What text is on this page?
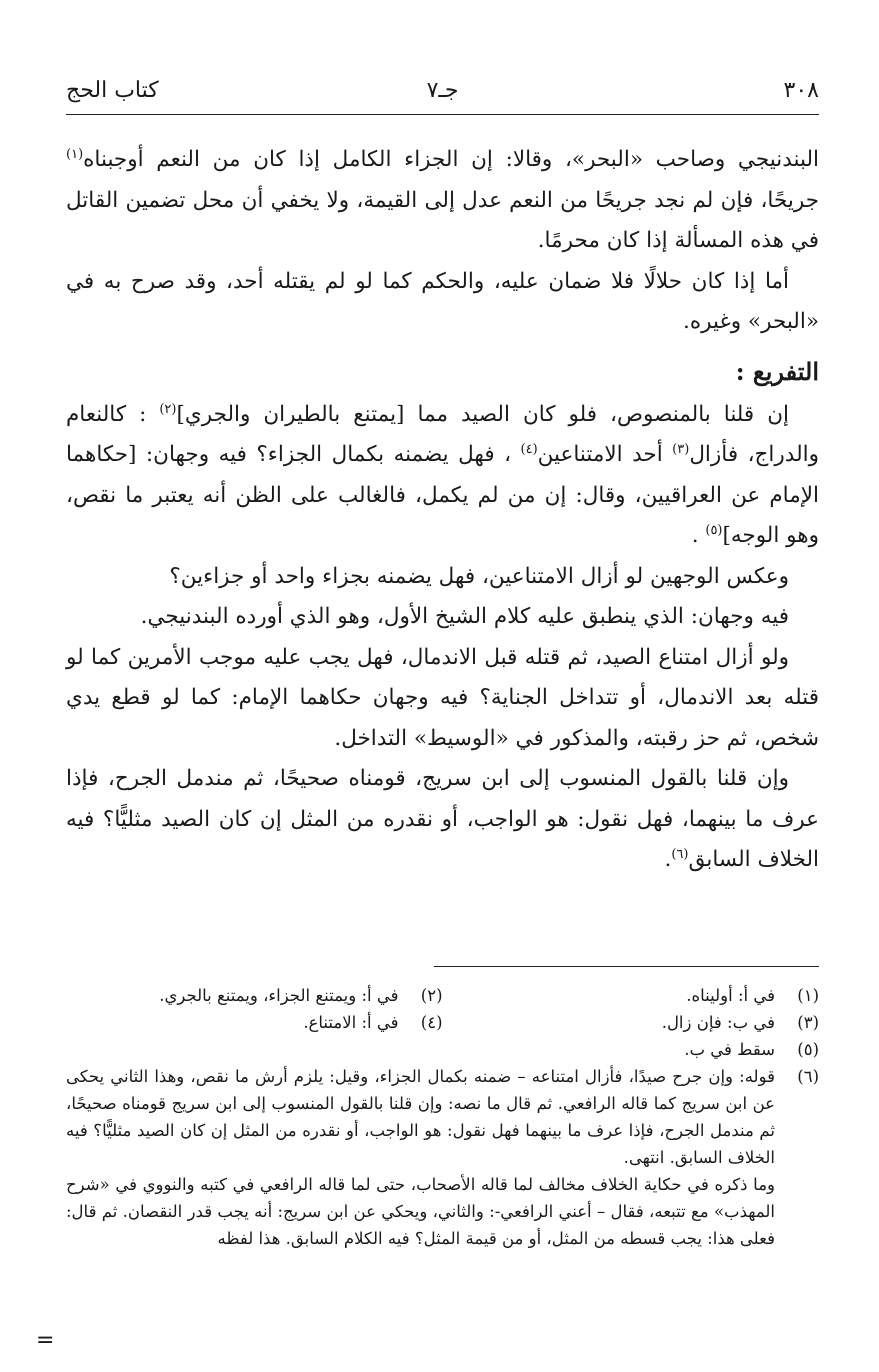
٣٠٨
جـ٧
كتاب الحج

البندنيجي وصاحب «البحر»، وقالا: إن الجزاء الكامل إذا كان من النعم أوجبناه$^{(١)}$ جريحًا، فإن لم نجد جريحًا من النعم عدل إلى القيمة، ولا يخفي أن محل تضمين القاتل في هذه المسألة إذا كان محرمًا.

أما إذا كان حلالًا فلا ضمان عليه، والحكم كما لو لم يقتله أحد، وقد صرح به في «البحر» وغيره.

التفريع :

إن قلنا بالمنصوص، فلو كان الصيد مما [يمتنع بالطيران والجري]$^{(٢)}$ : كالنعام والدراج، فأزال$^{(٣)}$ أحد الامتناعين$^{(٤)}$ ، فهل يضمنه بكمال الجزاء؟ فيه وجهان: [حكاهما الإمام عن العراقيين، وقال: إن من لم يكمل، فالغالب على الظن أنه يعتبر ما نقص، وهو الوجه]$^{(٥)}$ .

وعكس الوجهين لو أزال الامتناعين، فهل يضمنه بجزاء واحد أو جزاءين؟

فيه وجهان: الذي ينطبق عليه كلام الشيخ الأول، وهو الذي أورده البندنيجي.

ولو أزال امتناع الصيد، ثم قتله قبل الاندمال، فهل يجب عليه موجب الأمرين كما لو قتله بعد الاندمال، أو تتداخل الجناية؟ فيه وجهان حكاهما الإمام: كما لو قطع يدي شخص، ثم حز رقبته، والمذكور في «الوسيط» التداخل.

وإن قلنا بالقول المنسوب إلى ابن سريج، قومناه صحيحًا، ثم مندمل الجرح، فإذا عرف ما بينهما، فهل نقول: هو الواجب، أو نقدره من المثل إن كان الصيد مثليًّا؟ فيه الخلاف السابق$^{(٦)}$.

(١)
في أ: أوليناه.
(٢)
في أ: ويمتنع الجزاء، ويمتنع بالجري.
(٣)
في ب: فإن زال.
(٤)
في أ: الامتناع.
(٥)
سقط في ب.
(٦)
قوله: وإن جرح صيدًا، فأزال امتناعه – ضمنه بكمال الجزاء، وقيل: يلزم أرش ما نقص، وهذا الثاني يحكى عن ابن سريج كما قاله الرافعي. ثم قال ما نصه: وإن قلنا بالقول المنسوب إلى ابن سريج قومناه صحيحًا، ثم مندمل الجرح، فإذا عرف ما بينهما فهل نقول: هو الواجب، أو نقدره من المثل إن كان الصيد مثليًّا؟ فيه الخلاف السابق. انتهى.
وما ذكره في حكاية الخلاف مخالف لما قاله الأصحاب، حتى لما قاله الرافعي في كتبه والنووي في «شرح المهذب» مع تتبعه، فقال – أعني الرافعي-: والثاني، ويحكي عن ابن سريج: أنه يجب قدر النقصان. ثم قال: فعلى هذا: يجب قسطه من المثل، أو من قيمة المثل؟ فيه الكلام السابق. هذا لفظه
=
